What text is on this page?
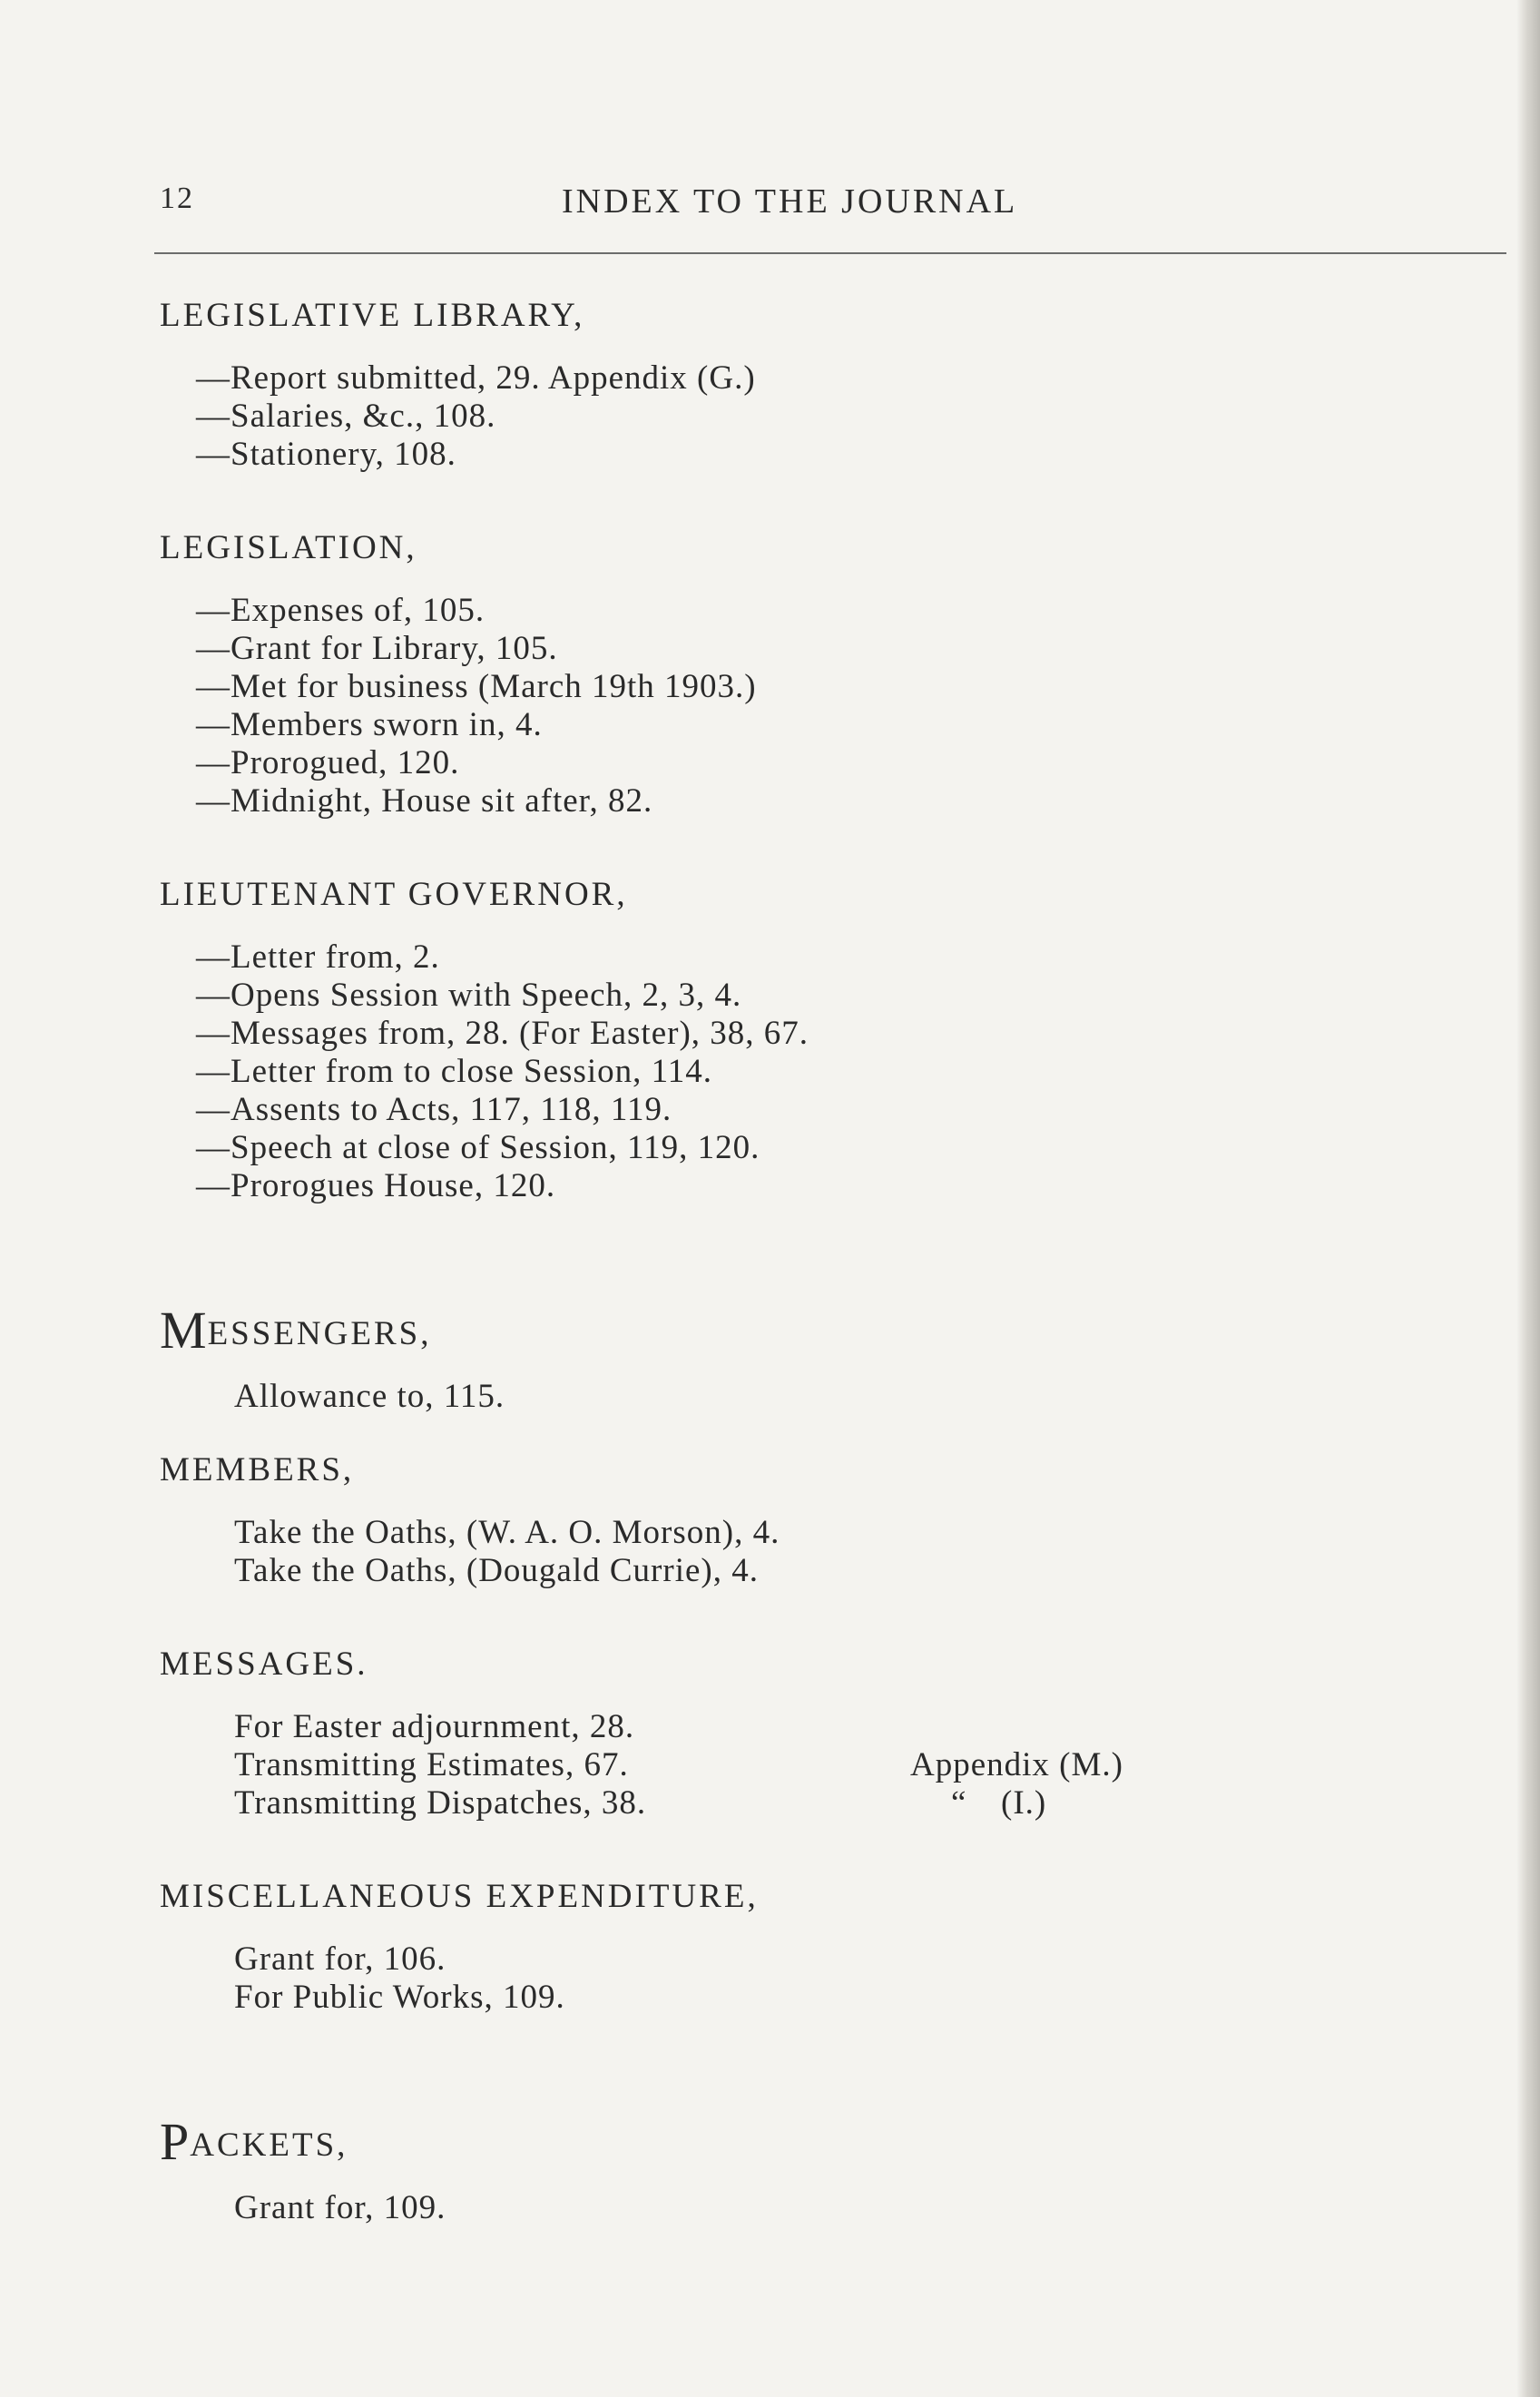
12	INDEX TO THE JOURNAL
LEGISLATIVE LIBRARY,
—Report submitted, 29. Appendix (G.)
—Salaries, &c., 108.
—Stationery, 108.
LEGISLATION,
—Expenses of, 105.
—Grant for Library, 105.
—Met for business (March 19th 1903.)
—Members sworn in, 4.
—Prorogued, 120.
—Midnight, House sit after, 82.
LIEUTENANT GOVERNOR,
—Letter from, 2.
—Opens Session with Speech, 2, 3, 4.
—Messages from, 28. (For Easter), 38, 67.
—Letter from to close Session, 114.
—Assents to Acts, 117, 118, 119.
—Speech at close of Session, 119, 120.
—Prorogues House, 120.
MESSENGERS,
Allowance to, 115.
MEMBERS,
Take the Oaths, (W. A. O. Morson), 4.
Take the Oaths, (Dougald Currie), 4.
MESSAGES.
For Easter adjournment, 28.
Transmitting Estimates, 67.	Appendix (M.)
Transmitting Dispatches, 38.	“ (I.)
MISCELLANEOUS EXPENDITURE,
Grant for, 106.
For Public Works, 109.
PACKETS,
Grant for, 109.
